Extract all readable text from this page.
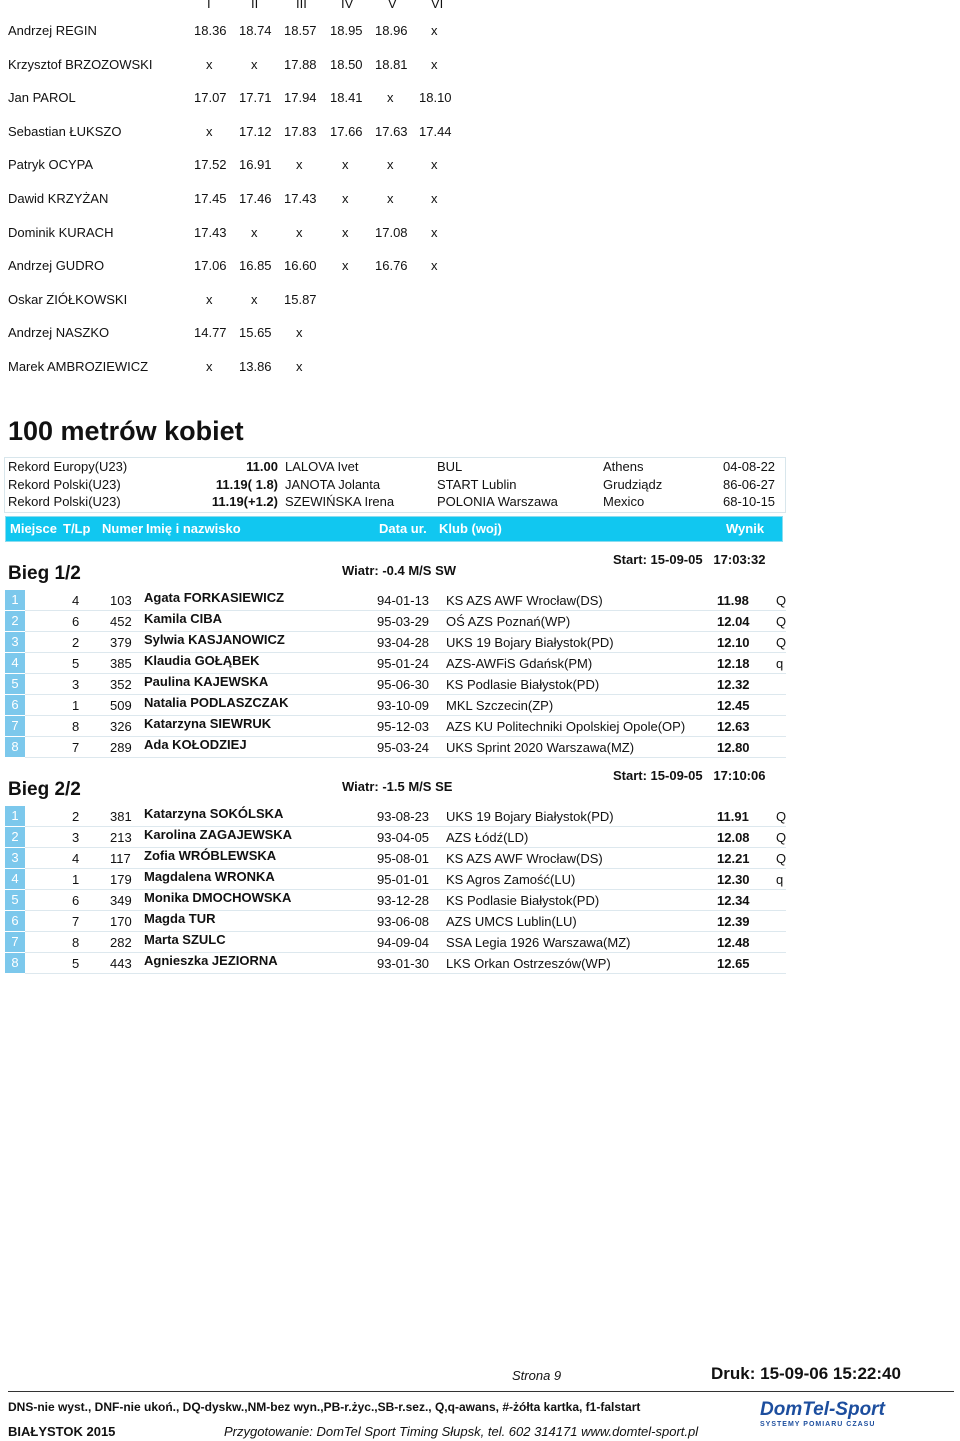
I	II	III	IV	V	VI
Andrzej REGIN	18.36 18.74 18.57 18.95 18.96 x
Krzysztof BRZOZOWSKI	x	x 17.88 18.50 18.81 x
Jan PAROL	17.07 17.71 17.94 18.41 x 18.10
Sebastian ŁUKSZO	x 17.12 17.83 17.66 17.63 17.44
Patryk OCYPA	17.52 16.91 x	x	x	x
Dawid KRZYŻAN	17.45 17.46 17.43 x	x	x
Dominik KURACH	17.43 x	x	x 17.08 x
Andrzej GUDRO	17.06 16.85 16.60 x 16.76 x
Oskar ZIÓŁKOWSKI	x	x 15.87
Andrzej NASZKO	14.77 15.65 x
Marek AMBROZIEWICZ	x 13.86 x
100 metrów kobiet
Rekord Europy(U23)	11.00 LALOVA Ivet	BUL	Athens	04-08-22
Rekord Polski(U23)	11.19( 1.8) JANOTA Jolanta	START Lublin	Grudziądz	86-06-27
Rekord Polski(U23)	11.19(+1.2) SZEWIŃSKA Irena	POLONIA Warszawa	Mexico	68-10-15
Miejsce T/Lp Numer Imię i nazwisko	Data ur. Klub (woj)	Wynik
Bieg 1/2	Wiatr: -0.4 M/S SW
Start: 15-09-05   17:03:32
1	4 103 Agata FORKASIEWICZ	94-01-13 KS AZS AWF Wrocław(DS)	11.98 Q
2	6 452 Kamila CIBA	95-03-29 OŚ AZS Poznań(WP)	12.04 Q
3	2 379 Sylwia KASJANOWICZ	93-04-28 UKS 19 Bojary Białystok(PD)	12.10 Q
4	5 385 Klaudia GOŁĄBEK	95-01-24 AZS-AWFiS Gdańsk(PM)	12.18 q
5	3 352 Paulina KAJEWSKA	95-06-30 KS Podlasie Białystok(PD)	12.32
6	1 509 Natalia PODLASZCZAK	93-10-09 MKL Szczecin(ZP)	12.45
7	8 326 Katarzyna SIEWRUK	95-12-03 AZS KU Politechniki Opolskiej Opole(OP) 12.63
8	7 289 Ada KOŁODZIEJ	95-03-24 UKS Sprint 2020 Warszawa(MZ)	12.80
Bieg 2/2	Wiatr: -1.5 M/S SE
Start: 15-09-05   17:10:06
1	2 381 Katarzyna SOKÓLSKA	93-08-23 UKS 19 Bojary Białystok(PD)	11.91 Q
2	3 213 Karolina ZAGAJEWSKA	93-04-05 AZS Łódź(LD)	12.08 Q
3	4 117 Zofia WRÓBLEWSKA	95-08-01 KS AZS AWF Wrocław(DS)	12.21 Q
4	1 179 Magdalena WRONKA	95-01-01 KS Agros Zamość(LU)	12.30 q
5	6 349 Monika DMOCHOWSKA	93-12-28 KS Podlasie Białystok(PD)	12.34
6	7 170 Magda TUR	93-06-08 AZS UMCS Lublin(LU)	12.39
7	8 282 Marta SZULC	94-09-04 SSA Legia 1926 Warszawa(MZ)	12.48
8	5 443 Agnieszka JEZIORNA	93-01-30 LKS Orkan Ostrzeszów(WP)	12.65
Strona 9	Druk: 15-09-06 15:22:40
DNS-nie wyst., DNF-nie ukoń., DQ-dyskw.,NM-bez wyn.,PB-r.życ.,SB-r.sez., Q,q-awans, #-żółta kartka, f1-falstart
BIAŁYSTOK 2015	Przygotowanie: DomTel Sport Timing Słupsk, tel. 602 314171 www.domtel-sport.pl
DomTel-Sport
SYSTEMY POMIARU CZASU
